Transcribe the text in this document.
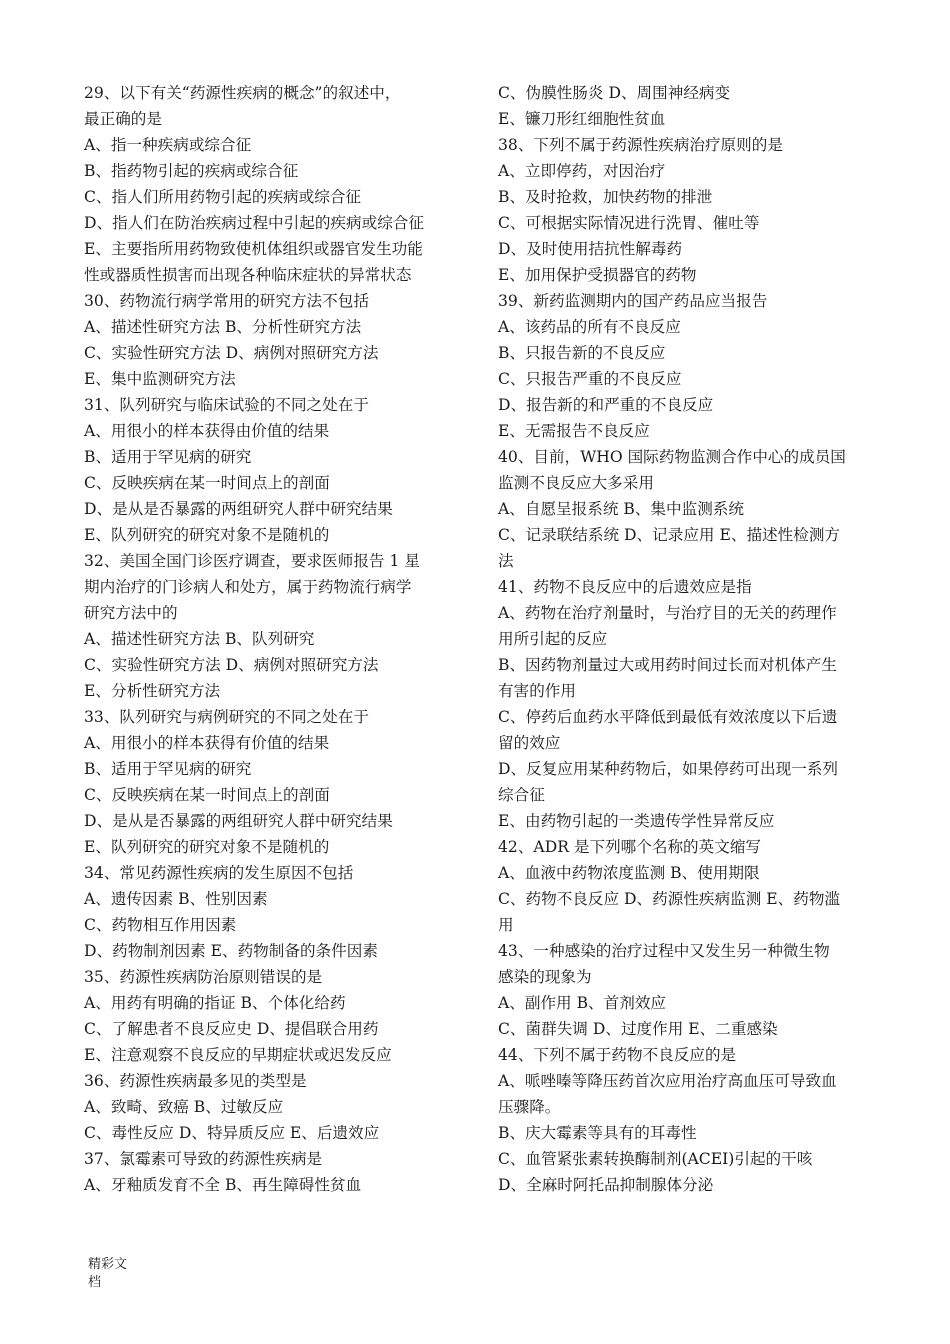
29、以下有关“药源性疾病的概念”的叙述中，
最正确的是
A、指一种疾病或综合征
B、指药物引起的疾病或综合征
C、指人们所用药物引起的疾病或综合征
D、指人们在防治疾病过程中引起的疾病或综合征
E、主要指所用药物致使机体组织或器官发生功能
性或器质性损害而出现各种临床症状的异常状态
30、药物流行病学常用的研究方法不包括
A、描述性研究方法 B、分析性研究方法
C、实验性研究方法 D、病例对照研究方法
E、集中监测研究方法
31、队列研究与临床试验的不同之处在于
A、用很小的样本获得由价值的结果
B、适用于罕见病的研究
C、反映疾病在某一时间点上的剖面
D、是从是否暴露的两组研究人群中研究结果
E、队列研究的研究对象不是随机的
32、美国全国门诊医疗调查，要求医师报告 1 星
期内治疗的门诊病人和处方，属于药物流行病学
研究方法中的
A、描述性研究方法 B、队列研究
C、实验性研究方法 D、病例对照研究方法
E、分析性研究方法
33、队列研究与病例研究的不同之处在于
A、用很小的样本获得有价值的结果
B、适用于罕见病的研究
C、反映疾病在某一时间点上的剖面
D、是从是否暴露的两组研究人群中研究结果
E、队列研究的研究对象不是随机的
34、常见药源性疾病的发生原因不包括
A、遗传因素 B、性别因素
C、药物相互作用因素
D、药物制剂因素 E、药物制备的条件因素
35、药源性疾病防治原则错误的是
A、用药有明确的指证 B、个体化给药
C、了解患者不良反应史 D、提倡联合用药
E、注意观察不良反应的早期症状或迟发反应
36、药源性疾病最多见的类型是
A、致畸、致癌 B、过敏反应
C、毒性反应 D、特异质反应 E、后遗效应
37、氯霉素可导致的药源性疾病是
A、牙釉质发育不全 B、再生障碍性贫血
C、伪膜性肠炎 D、周围神经病变
E、镰刀形红细胞性贫血
38、下列不属于药源性疾病治疗原则的是
A、立即停药，对因治疗
B、及时抢救，加快药物的排泄
C、可根据实际情况进行洗胃、催吐等
D、及时使用拮抗性解毒药
E、加用保护受损器官的药物
39、新药监测期内的国产药品应当报告
A、该药品的所有不良反应
B、只报告新的不良反应
C、只报告严重的不良反应
D、报告新的和严重的不良反应
E、无需报告不良反应
40、目前，WHO 国际药物监测合作中心的成员国
监测不良反应大多采用
A、自愿呈报系统 B、集中监测系统
C、记录联结系统 D、记录应用 E、描述性检测方
法
41、药物不良反应中的后遗效应是指
A、药物在治疗剂量时，与治疗目的无关的药理作
用所引起的反应
B、因药物剂量过大或用药时间过长而对机体产生
有害的作用
C、停药后血药水平降低到最低有效浓度以下后遗
留的效应
D、反复应用某种药物后，如果停药可出现一系列
综合征
E、由药物引起的一类遗传学性异常反应
42、ADR 是下列哪个名称的英文缩写
A、血液中药物浓度监测 B、使用期限
C、药物不良反应 D、药源性疾病监测 E、药物滥
用
43、一种感染的治疗过程中又发生另一种微生物
感染的现象为
A、副作用 B、首剂效应
C、菌群失调 D、过度作用 E、二重感染
44、下列不属于药物不良反应的是
A、哌唑嗪等降压药首次应用治疗高血压可导致血
压骤降。
B、庆大霉素等具有的耳毒性
C、血管紧张素转换酶制剂(ACEI)引起的干咳
D、全麻时阿托品抑制腺体分泌
精彩文档
